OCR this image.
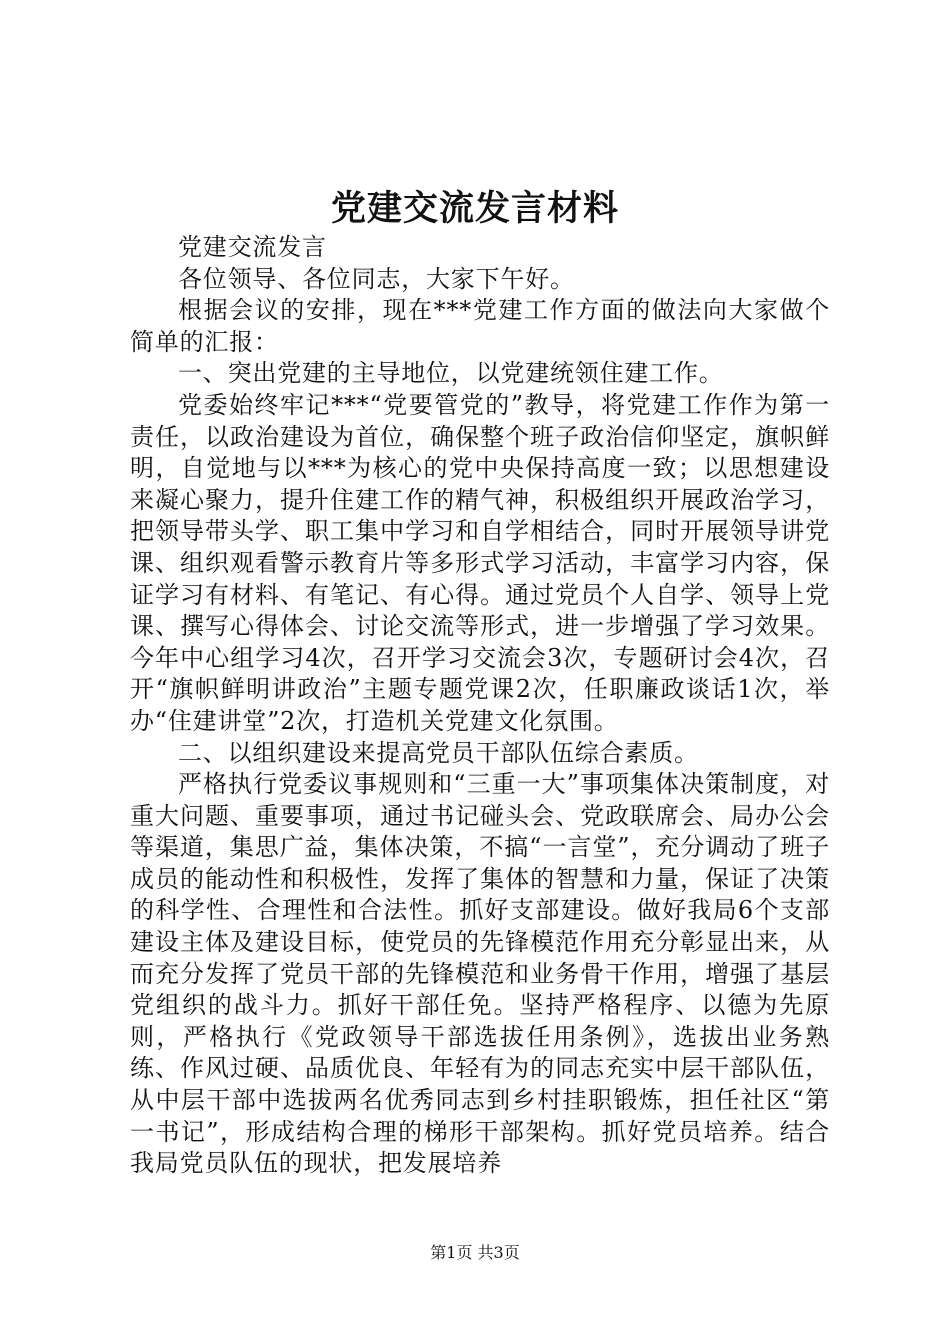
党建交流发言材料

党建交流发言

各位领导、各位同志，大家下午好。

根据会议的安排，现在***党建工作方面的做法向大家做个简单的汇报：

一、突出党建的主导地位，以党建统领住建工作。

党委始终牢记***“党要管党的”教导，将党建工作作为第一责任，以政治建设为首位，确保整个班子政治信仰坚定，旗帜鲜明，自觉地与以***为核心的党中央保持高度一致；以思想建设来凝心聚力，提升住建工作的精气神，积极组织开展政治学习，把领导带头学、职工集中学习和自学相结合，同时开展领导讲党课、组织观看警示教育片等多形式学习活动，丰富学习内容，保证学习有材料、有笔记、有心得。通过党员个人自学、领导上党课、撰写心得体会、讨论交流等形式，进一步增强了学习效果。今年中心组学习4次，召开学习交流会3次，专题研讨会4次，召开“旗帜鲜明讲政治”主题专题党课2次，任职廉政谈话1次，举办“住建讲堂”2次，打造机关党建文化氛围。

二、以组织建设来提高党员干部队伍综合素质。

严格执行党委议事规则和“三重一大”事项集体决策制度，对重大问题、重要事项，通过书记碰头会、党政联席会、局办公会等渠道，集思广益，集体决策，不搞“一言堂”，充分调动了班子成员的能动性和积极性，发挥了集体的智慧和力量，保证了决策的科学性、合理性和合法性。抓好支部建设。做好我局6个支部建设主体及建设目标，使党员的先锋模范作用充分彰显出来，从而充分发挥了党员干部的先锋模范和业务骨干作用，增强了基层党组织的战斗力。抓好干部任免。坚持严格程序、以德为先原则，严格执行《党政领导干部选拔任用条例》，选拔出业务熟练、作风过硬、品质优良、年轻有为的同志充实中层干部队伍，从中层干部中选拔两名优秀同志到乡村挂职锻炼，担任社区“第一书记”，形成结构合理的梯形干部架构。抓好党员培养。结合我局党员队伍的现状，把发展培养

第1页 共3页
